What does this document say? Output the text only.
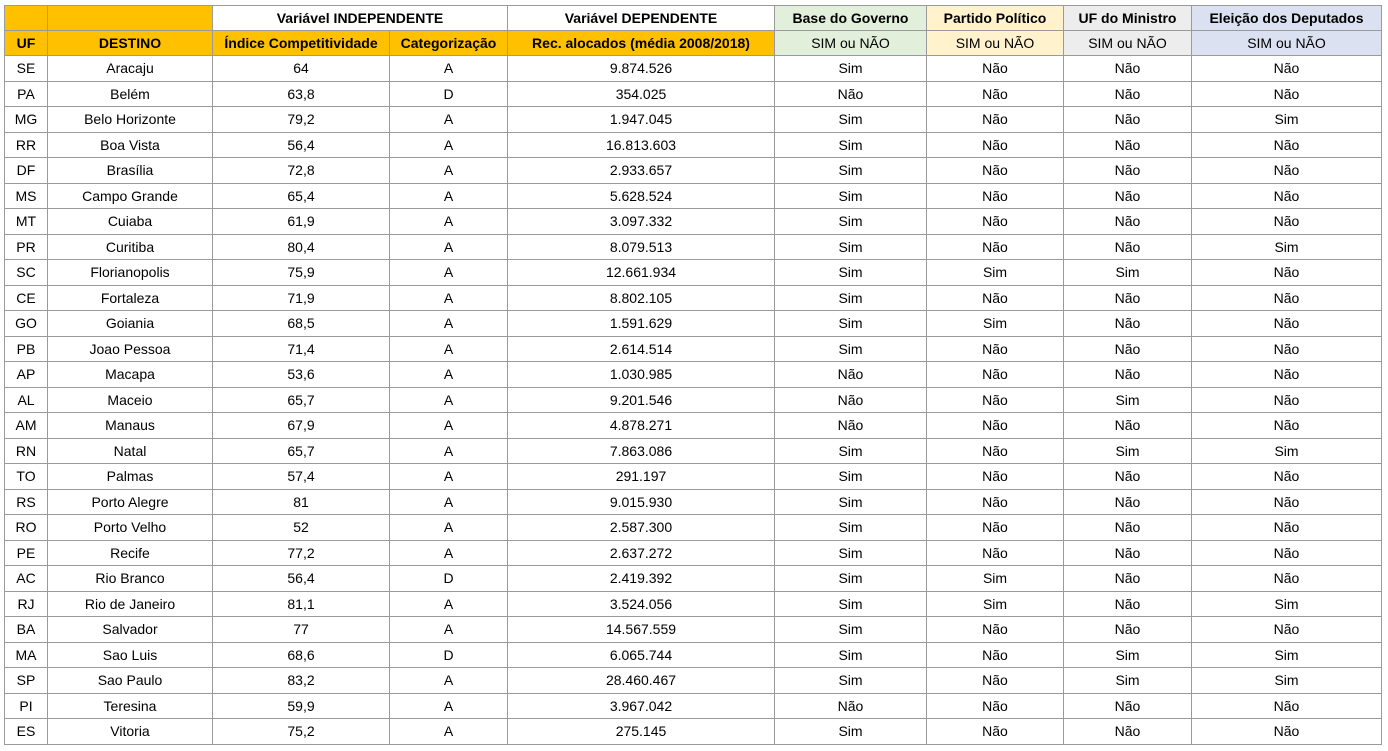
		Variável INDEPENDENTE		Variável DEPENDENTE	Base do Governo	Partido Político	UF do Ministro	Eleição dos Deputados
UF	DESTINO	Índice Competitividade	Categorização	Rec. alocados (média 2008/2018)	SIM ou NÃO	SIM ou NÃO	SIM ou NÃO	SIM ou NÃO
SE	Aracaju	64	A	9.874.526	Sim	Não	Não	Não
PA	Belém	63,8	D	354.025	Não	Não	Não	Não
MG	Belo Horizonte	79,2	A	1.947.045	Sim	Não	Não	Sim
RR	Boa Vista	56,4	A	16.813.603	Sim	Não	Não	Não
DF	Brasília	72,8	A	2.933.657	Sim	Não	Não	Não
MS	Campo Grande	65,4	A	5.628.524	Sim	Não	Não	Não
MT	Cuiaba	61,9	A	3.097.332	Sim	Não	Não	Não
PR	Curitiba	80,4	A	8.079.513	Sim	Não	Não	Sim
SC	Florianopolis	75,9	A	12.661.934	Sim	Sim	Sim	Não
CE	Fortaleza	71,9	A	8.802.105	Sim	Não	Não	Não
GO	Goiania	68,5	A	1.591.629	Sim	Sim	Não	Não
PB	Joao Pessoa	71,4	A	2.614.514	Sim	Não	Não	Não
AP	Macapa	53,6	A	1.030.985	Não	Não	Não	Não
AL	Maceio	65,7	A	9.201.546	Não	Não	Sim	Não
AM	Manaus	67,9	A	4.878.271	Não	Não	Não	Não
RN	Natal	65,7	A	7.863.086	Sim	Não	Sim	Sim
TO	Palmas	57,4	A	291.197	Sim	Não	Não	Não
RS	Porto Alegre	81	A	9.015.930	Sim	Não	Não	Não
RO	Porto Velho	52	A	2.587.300	Sim	Não	Não	Não
PE	Recife	77,2	A	2.637.272	Sim	Não	Não	Não
AC	Rio Branco	56,4	D	2.419.392	Sim	Sim	Não	Não
RJ	Rio de Janeiro	81,1	A	3.524.056	Sim	Sim	Não	Sim
BA	Salvador	77	A	14.567.559	Sim	Não	Não	Não
MA	Sao Luis	68,6	D	6.065.744	Sim	Não	Sim	Sim
SP	Sao Paulo	83,2	A	28.460.467	Sim	Não	Sim	Sim
PI	Teresina	59,9	A	3.967.042	Não	Não	Não	Não
ES	Vitoria	75,2	A	275.145	Sim	Não	Não	Não
